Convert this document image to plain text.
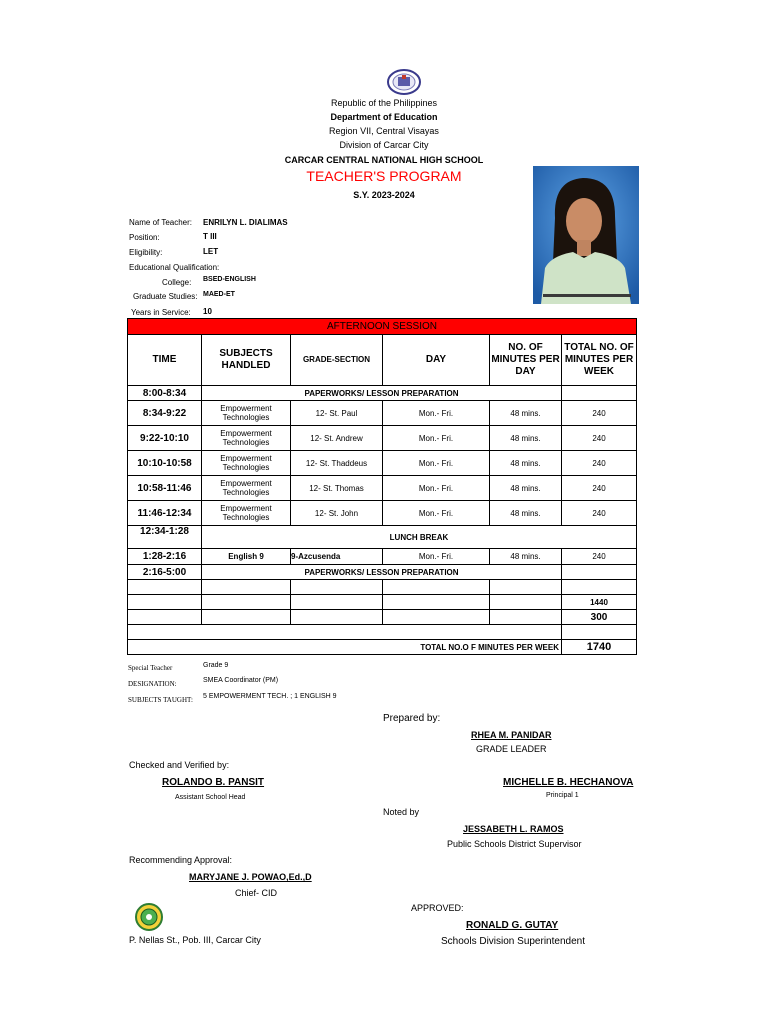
Republic of the Philippines
Department of Education
Region VII, Central Visayas
Division of Carcar City
CARCAR CENTRAL NATIONAL HIGH SCHOOL
TEACHER'S PROGRAM
S.Y. 2023-2024
Name of Teacher: ENRILYN L. DIALIMAS
Position:	T III
Eligibility:	LET
Educational Qualification:
College: BSED-ENGLISH
Graduate Studies: MAED-ET
Years in Service: 10
AFTERNOON SESSION					
TIME	SUBJECTS HANDLED	GRADE-SECTION	DAY	NO. OF MINUTES PER DAY	TOTAL NO. OF MINUTES PER WEEK
8:00-8:34	PAPERWORKS/ LESSON PREPARATION				
8:34-9:22	Empowerment Technologies	12- St. Paul	Mon.- Fri.	48 mins.	240
9:22-10:10	Empowerment Technologies	12- St. Andrew	Mon.- Fri.	48 mins.	240
10:10-10:58	Empowerment Technologies	12- St. Thaddeus	Mon.- Fri.	48 mins.	240
10:58-11:46	Empowerment Technologies	12- St. Thomas	Mon.- Fri.	48 mins.	240
11:46-12:34	Empowerment Technologies	12- St. John	Mon.- Fri.	48 mins.	240
12:34-1:28	LUNCH BREAK				
1:28-2:16	English 9	9-Azcusenda	Mon.- Fri.	48 mins.	240
2:16-5:00	PAPERWORKS/ LESSON PREPARATION				

					1440
					300

TOTAL NO.O F MINUTES PER WEEK					1740
Special Teacher	Grade 9
DESIGNATION:	SMEA Coordinator (PM)
SUBJECTS TAUGHT: 5 EMPOWERMENT TECH. ; 1 ENGLISH 9
Prepared by:
RHEA M. PANIDAR
GRADE LEADER
Checked and Verified by:
ROLANDO B. PANSIT
Assistant School Head
MICHELLE B. HECHANOVA
Principal 1
Noted by
JESSABETH L. RAMOS
Public Schools District Supervisor
Recommending Approval:
MARYJANE J. POWAO,Ed.,D
Chief- CID
APPROVED:
RONALD G. GUTAY
Schools Division Superintendent
P. Nellas St., Pob. III, Carcar City
